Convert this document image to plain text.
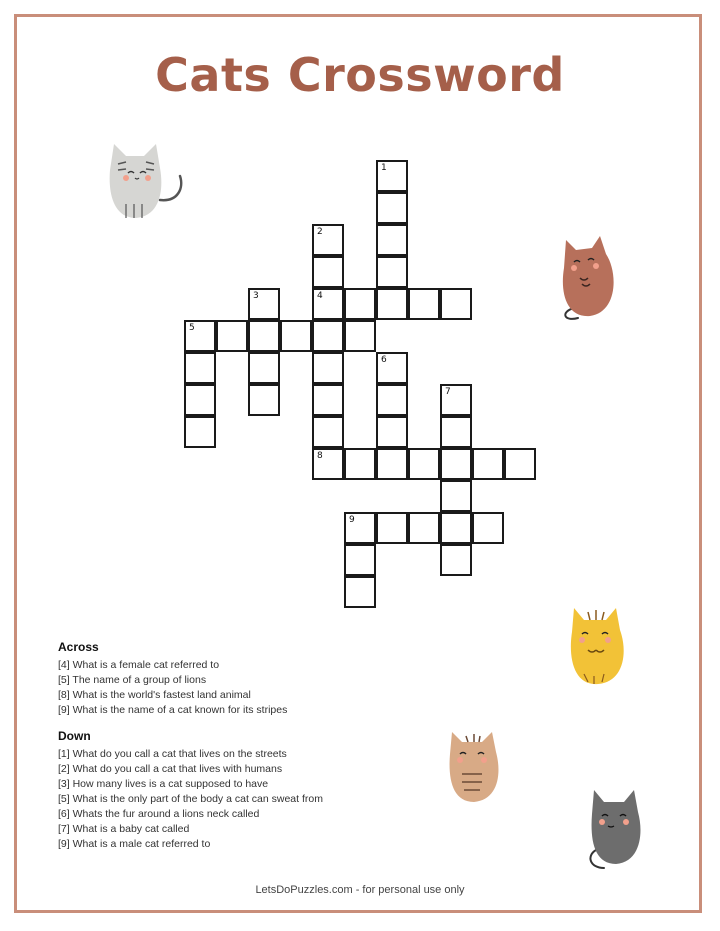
Cats Crossword
1
2
4
8
3
5
6
7
9
Across
[4] What is a female cat referred to
[5] The name of a group of lions
[8] What is the world's fastest land animal
[9] What is the name of a cat known for its stripes
Down
[1] What do you call a cat that lives on the streets
[2] What do you call a cat that lives with humans
[3] How many lives is a cat supposed to have
[5] What is the only part of the body a cat can sweat from
[6] Whats the fur around a lions neck called
[7] What is a baby cat called
[9] What is a male cat referred to
LetsDoPuzzles.com - for personal use only
